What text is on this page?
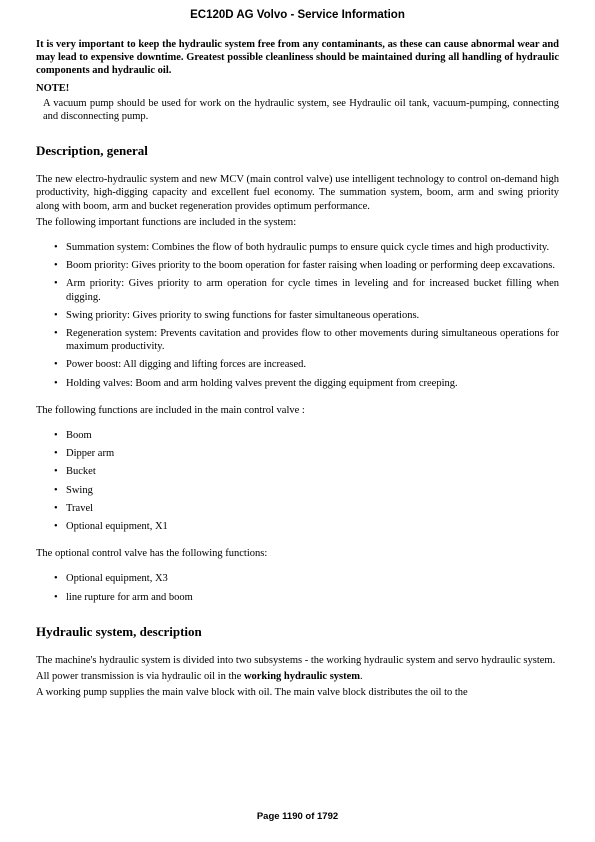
EC120D AG Volvo - Service Information

It is very important to keep the hydraulic system free from any contaminants, as these can cause abnormal wear and may lead to expensive downtime. Greatest possible cleanliness should be maintained during all handling of hydraulic components and hydraulic oil.

NOTE!

A vacuum pump should be used for work on the hydraulic system, see Hydraulic oil tank, vacuum-pumping, connecting and disconnecting pump.

Description, general

The new electro-hydraulic system and new MCV (main control valve) use intelligent technology to control on-demand high productivity, high-digging capacity and excellent fuel economy. The summation system, boom, arm and swing priority along with boom, arm and bucket regeneration provides optimum performance.

The following important functions are included in the system:

• Summation system: Combines the flow of both hydraulic pumps to ensure quick cycle times and high productivity.
• Boom priority: Gives priority to the boom operation for faster raising when loading or performing deep excavations.
• Arm priority: Gives priority to arm operation for cycle times in leveling and for increased bucket filling when digging.
• Swing priority: Gives priority to swing functions for faster simultaneous operations.
• Regeneration system: Prevents cavitation and provides flow to other movements during simultaneous operations for maximum productivity.
• Power boost: All digging and lifting forces are increased.
• Holding valves: Boom and arm holding valves prevent the digging equipment from creeping.

The following functions are included in the main control valve :

• Boom
• Dipper arm
• Bucket
• Swing
• Travel
• Optional equipment, X1

The optional control valve has the following functions:

• Optional equipment, X3
• line rupture for arm and boom
Hydraulic system, description

The machine's hydraulic system is divided into two subsystems - the working hydraulic system and servo hydraulic system.

All power transmission is via hydraulic oil in the working hydraulic system.

A working pump supplies the main valve block with oil. The main valve block distributes the oil to the

Page 1190 of 1792
